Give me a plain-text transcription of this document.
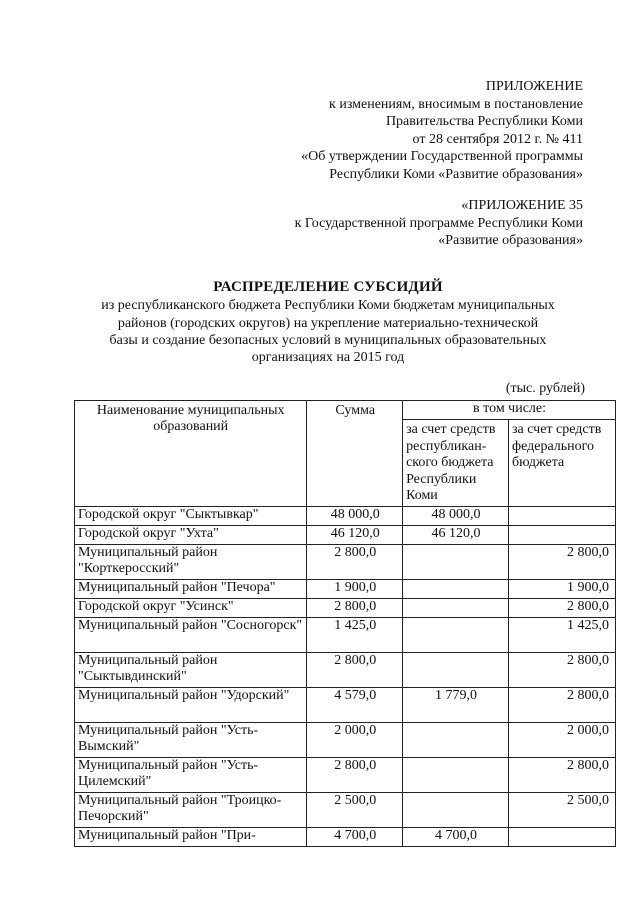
ПРИЛОЖЕНИЕ
к изменениям, вносимым в постановление
Правительства Республики Коми
от 28 сентября 2012 г. № 411
«Об утверждении Государственной программы
Республики Коми «Развитие образования»
«ПРИЛОЖЕНИЕ 35
к Государственной программе Республики Коми
«Развитие образования»
РАСПРЕДЕЛЕНИЕ СУБСИДИЙ
из республиканского бюджета Республики Коми бюджетам муниципальных
районов (городских округов) на укрепление материально-технической
базы и создание безопасных условий в муниципальных образовательных
организациях на 2015 год
(тыс. рублей)
Наименование муниципальных образований	Сумма	в том числе:	
		за счет средств республикан-ского бюджета Республики Коми	за счет средств федерального бюджета
Городской округ "Сыктывкар"	48 000,0	48 000,0	
Городской округ "Ухта"	46 120,0	46 120,0	
Муниципальный район "Корткеросский"	2 800,0		2 800,0
Муниципальный район "Печора"	1 900,0		1 900,0
Городской округ "Усинск"	2 800,0		2 800,0
Муниципальный район "Сосногорск"	1 425,0		1 425,0
Муниципальный район "Сыктывдинский"	2 800,0		2 800,0
Муниципальный район "Удорский"	4 579,0	1 779,0	2 800,0
Муниципальный район "Усть-Вымский"	2 000,0		2 000,0
Муниципальный район "Усть-Цилемский"	2 800,0		2 800,0
Муниципальный район "Троицко-Печорский"	2 500,0		2 500,0
Муниципальный район "При-	4 700,0	4 700,0	
